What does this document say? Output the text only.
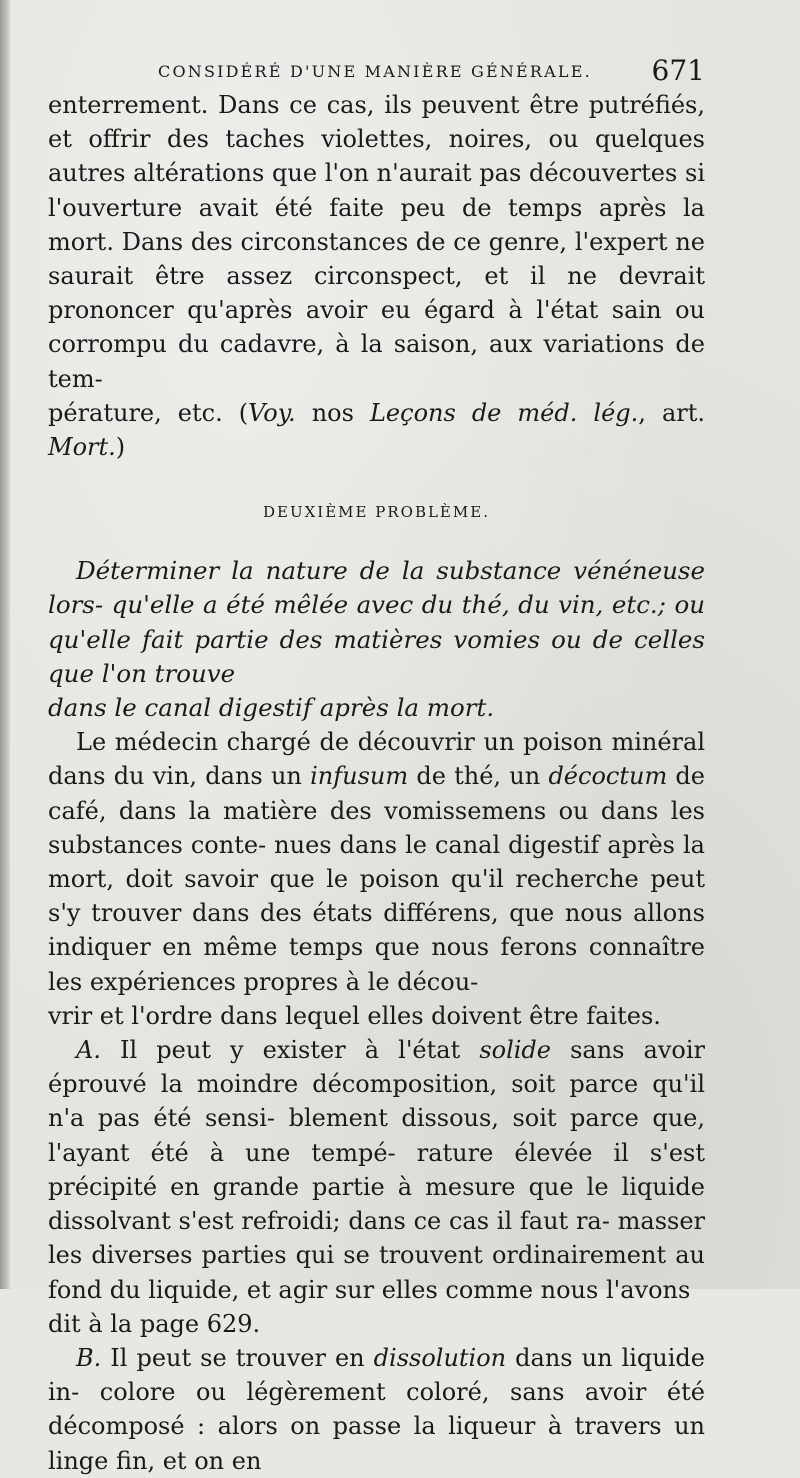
CONSIDÉRÉ D'UNE MANIÈRE GÉNÉRALE. 671

enterrement. Dans ce cas, ils peuvent être putréfiés, et offrir des taches violettes, noires, ou quelques autres altérations que l'on n'aurait pas découvertes si l'ouverture avait été faite peu de temps après la mort. Dans des circonstances de ce genre, l'expert ne saurait être assez circonspect, et il ne devrait prononcer qu'après avoir eu égard à l'état sain ou corrompu du cadavre, à la saison, aux variations de tem-
pérature, etc. (Voy. nos Leçons de méd. lég., art. Mort.)

DEUXIÈME PROBLÈME.

Déterminer la nature de la substance vénéneuse lors- qu'elle a été mêlée avec du thé, du vin, etc.; ou qu'elle fait partie des matières vomies ou de celles que l'on trouve
dans le canal digestif après la mort.

Le médecin chargé de découvrir un poison minéral dans du vin, dans un infusum de thé, un décoctum de café, dans la matière des vomissemens ou dans les substances conte- nues dans le canal digestif après la mort, doit savoir que le poison qu'il recherche peut s'y trouver dans des états différens, que nous allons indiquer en même temps que nous ferons connaître les expériences propres à le décou-
vrir et l'ordre dans lequel elles doivent être faites.

A. Il peut y exister à l'état solide sans avoir éprouvé la moindre décomposition, soit parce qu'il n'a pas été sensi- blement dissous, soit parce que, l'ayant été à une tempé- rature élevée il s'est précipité en grande partie à mesure que le liquide dissolvant s'est refroidi; dans ce cas il faut ra- masser les diverses parties qui se trouvent ordinairement au fond du liquide, et agir sur elles comme nous l'avons
dit à la page 629.

B. Il peut se trouver en dissolution dans un liquide in- colore ou légèrement coloré, sans avoir été décomposé : alors on passe la liqueur à travers un linge fin, et on en
